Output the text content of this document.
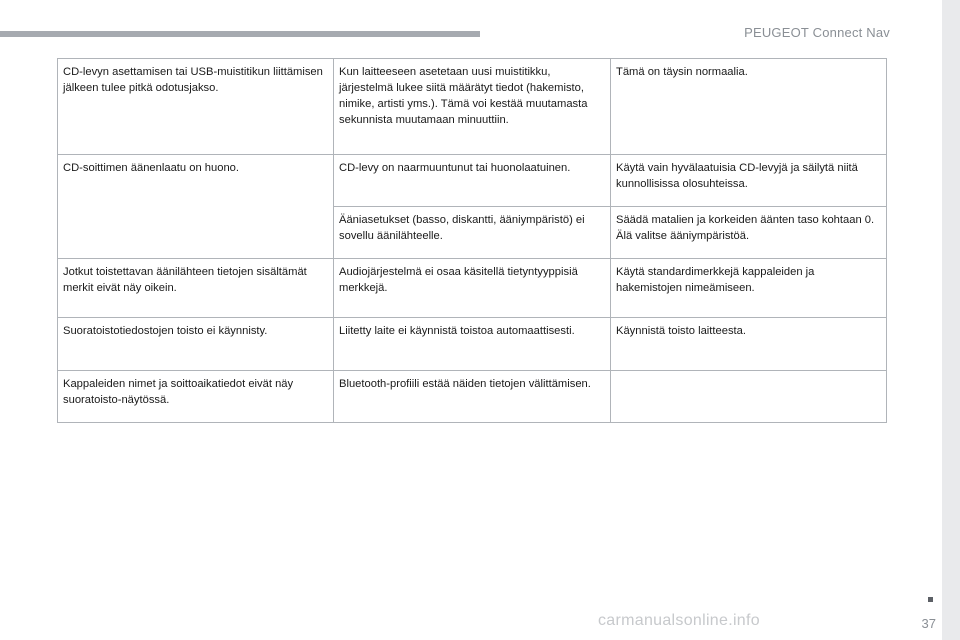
PEUGEOT Connect Nav
CD-levyn asettamisen tai USB-muistitikun liittämisen jälkeen tulee pitkä odotusjakso.	Kun laitteeseen asetetaan uusi muistitikku, järjestelmä lukee siitä määrätyt tiedot (hakemisto, nimike, artisti yms.). Tämä voi kestää muutamasta sekunnista muutamaan minuuttiin.	Tämä on täysin normaalia.
CD-soittimen äänenlaatu on huono.	CD-levy on naarmuuntunut tai huonolaatuinen.	Käytä vain hyvälaatuisia CD-levyjä ja säilytä niitä kunnollisissa olosuhteissa.
	Ääniasetukset (basso, diskantti, ääniympäristö) ei sovellu äänilähteelle.	Säädä matalien ja korkeiden äänten taso kohtaan 0. Älä valitse ääniympäristöä.
Jotkut toistettavan äänilähteen tietojen sisältämät merkit eivät näy oikein.	Audiojärjestelmä ei osaa käsitellä tietyntyyppisiä merkkejä.	Käytä standardimerkkejä kappaleiden ja hakemistojen nimeämiseen.
Suoratoistotiedostojen toisto ei käynnisty.	Liitetty laite ei käynnistä toistoa automaattisesti.	Käynnistä toisto laitteesta.
Kappaleiden nimet ja soittoaikatiedot eivät näy suoratoisto-näytössä.	Bluetooth-profiili estää näiden tietojen välittämisen.	
37
carmanualsonline.info
